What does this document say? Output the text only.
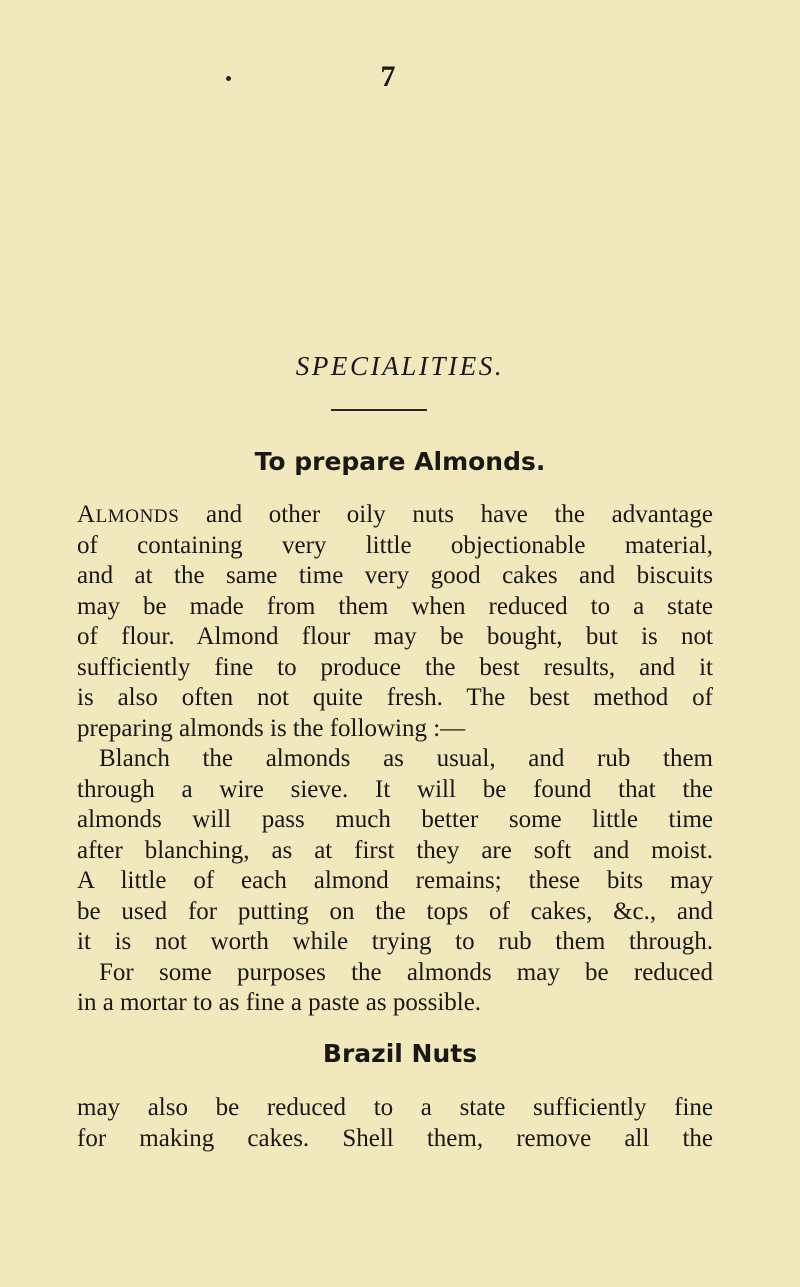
7
SPECIALITIES.
To prepare Almonds.
ALMONDS and other oily nuts have the advantage
of containing very little objectionable material,
and at the same time very good cakes and biscuits
may be made from them when reduced to a state
of flour. Almond flour may be bought, but is not
sufficiently fine to produce the best results, and it
is also often not quite fresh. The best method of
preparing almonds is the following :—
Blanch the almonds as usual, and rub them
through a wire sieve. It will be found that the
almonds will pass much better some little time
after blanching, as at first they are soft and moist.
A little of each almond remains; these bits may
be used for putting on the tops of cakes, &c., and
it is not worth while trying to rub them through.
For some purposes the almonds may be reduced
in a mortar to as fine a paste as possible.
Brazil Nuts
may also be reduced to a state sufficiently fine
for making cakes. Shell them, remove all the
